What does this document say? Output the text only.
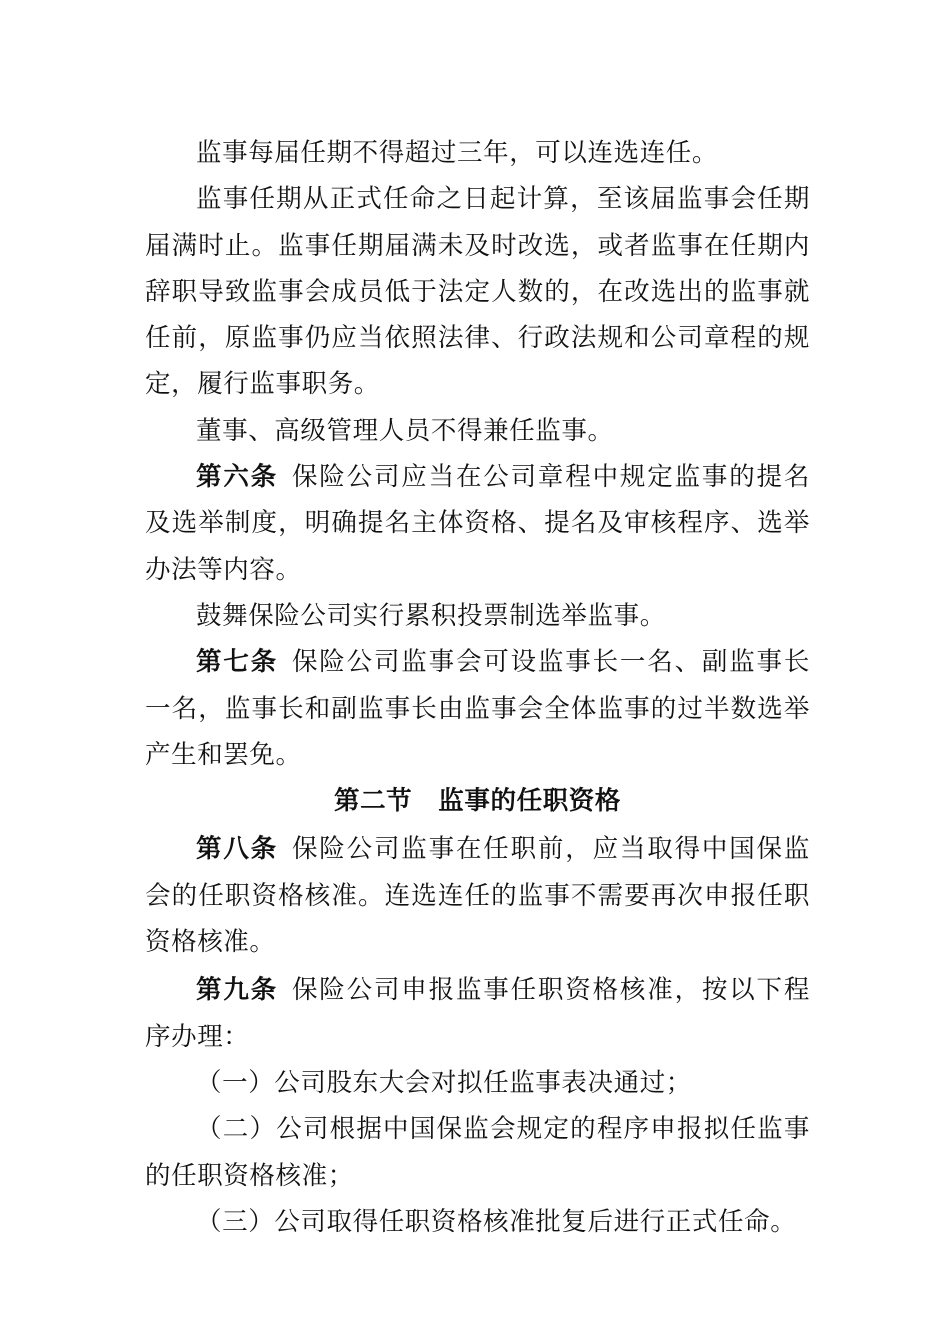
监事每届任期不得超过三年，可以连选连任。

监事任期从正式任命之日起计算，至该届监事会任期届满时止。监事任期届满未及时改选，或者监事在任期内辞职导致监事会成员低于法定人数的，在改选出的监事就任前，原监事仍应当依照法律、行政法规和公司章程的规定，履行监事职务。

董事、高级管理人员不得兼任监事。

第六条 保险公司应当在公司章程中规定监事的提名及选举制度，明确提名主体资格、提名及审核程序、选举办法等内容。

鼓舞保险公司实行累积投票制选举监事。

第七条 保险公司监事会可设监事长一名、副监事长一名，监事长和副监事长由监事会全体监事的过半数选举产生和罢免。

第二节 监事的任职资格

第八条 保险公司监事在任职前，应当取得中国保监会的任职资格核准。连选连任的监事不需要再次申报任职资格核准。

第九条 保险公司申报监事任职资格核准，按以下程序办理：

（一）公司股东大会对拟任监事表决通过；

（二）公司根据中国保监会规定的程序申报拟任监事的任职资格核准；

（三）公司取得任职资格核准批复后进行正式任命。
